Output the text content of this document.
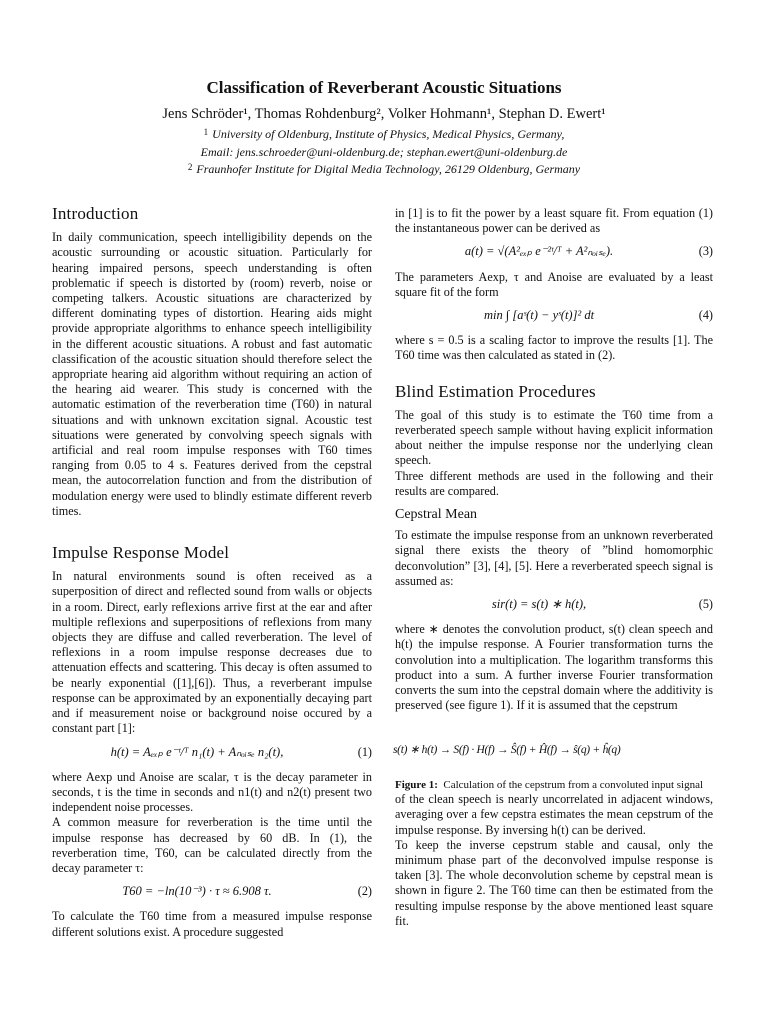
Classification of Reverberant Acoustic Situations
Jens Schröder¹, Thomas Rohdenburg², Volker Hohmann¹, Stephan D. Ewert¹
$^1$ University of Oldenburg, Institute of Physics, Medical Physics, Germany,
Email: jens.schroeder@uni-oldenburg.de; stephan.ewert@uni-oldenburg.de
$^2$ Fraunhofer Institute for Digital Media Technology, 26129 Oldenburg, Germany
Introduction

In daily communication, speech intelligibility depends on the acoustic surrounding or acoustic situation. Particularly for hearing impaired persons, speech understanding is often problematic if speech is distorted by (room) reverb, noise or competing talkers. Acoustic situations are characterized by different dominating types of distortion. Hearing aids might provide appropriate algorithms to enhance speech intelligibility in the different acoustic situations. A robust and fast automatic classification of the acoustic situation should therefore select the appropriate hearing aid algorithm without requiring an action of the hearing aid wearer. This study is concerned with the automatic estimation of the reverberation time (T60) in natural situations and with unknown excitation signal. Acoustic test situations were generated by convolving speech signals with artificial and real room impulse responses with T60 times ranging from 0.05 to 4 s. Features derived from the cepstral mean, the autocorrelation function and from the distribution of modulation energy were used to blindly estimate different reverb times.

Impulse Response Model

In natural environments sound is often received as a superposition of direct and reflected sound from walls or objects in a room. Direct, early reflexions arrive first at the ear and after multiple reflexions and superpositions of reflexions from many objects they are diffuse and called reverberation. The level of reflexions in a room impulse response decreases due to attenuation effects and scattering. This decay is often assumed to be nearly exponential ([1],[6]). Thus, a reverberant impulse response can be approximated by an exponentially decaying part and if measurement noise or background noise occured by a constant part [1]:

h(t) = Aₑₓₚ e⁻ᵗ/ᵀ n₁(t) + Aₙₒᵢₛₑ n₂(t),	(1)

where Aexp und Anoise are scalar, τ is the decay parameter in seconds, t is the time in seconds and n1(t) and n2(t) present two independent noise processes.

A common measure for reverberation is the time until the impulse response has decreased by 60 dB. In (1), the reverberation time, T60, can be calculated directly from the decay parameter τ:

T60 = −ln(10⁻³) · τ ≈ 6.908 τ.	(2)

To calculate the T60 time from a measured impulse response different solutions exist. A procedure suggested

in [1] is to fit the power by a least square fit. From equation (1) the instantaneous power can be derived as

a(t) = √(A²ₑₓₚ e⁻²ᵗ/ᵀ + A²ₙₒᵢₛₑ).	(3)

The parameters Aexp, τ and Anoise are evaluated by a least square fit of the form

min ∫ [aˢ(t) − yˢ(t)]² dt	(4)

where s = 0.5 is a scaling factor to improve the results [1]. The T60 time was then calculated as stated in (2).

Blind Estimation Procedures

The goal of this study is to estimate the T60 time from a reverberated speech sample without having explicit information about neither the impulse response nor the underlying clean speech.

Three different methods are used in the following and their results are compared.

Cepstral Mean

To estimate the impulse response from an unknown reverberated signal there exists the theory of ”blind homomorphic deconvolution” [3], [4], [5]. Here a reverberated speech signal is assumed as:

sir(t) = s(t) ∗ h(t),	(5)

where ∗ denotes the convolution product, s(t) clean speech and h(t) the impulse response. A Fourier transformation turns the convolution into a multiplication. The logarithm transforms this product into a sum. A further inverse Fourier transformation converts the sum into the cepstral domain where the additivity is preserved (see figure 1). If it is assumed that the cepstrum

s(t) ∗ h(t) → S(f) · H(f) → Ŝ(f) + Ĥ(f) → ŝ(q) + ĥ(q)

Figure 1: Calculation of the cepstrum from a convoluted input signal

of the clean speech is nearly uncorrelated in adjacent windows, averaging over a few cepstra estimates the mean cepstrum of the impulse response. By inversing h(t) can be derived.

To keep the inverse cepstrum stable and causal, only the minimum phase part of the deconvolved impulse response is taken [3]. The whole deconvolution scheme by cepstral mean is shown in figure 2. The T60 time can then be estimated from the resulting impulse response by the above mentioned least square fit.
